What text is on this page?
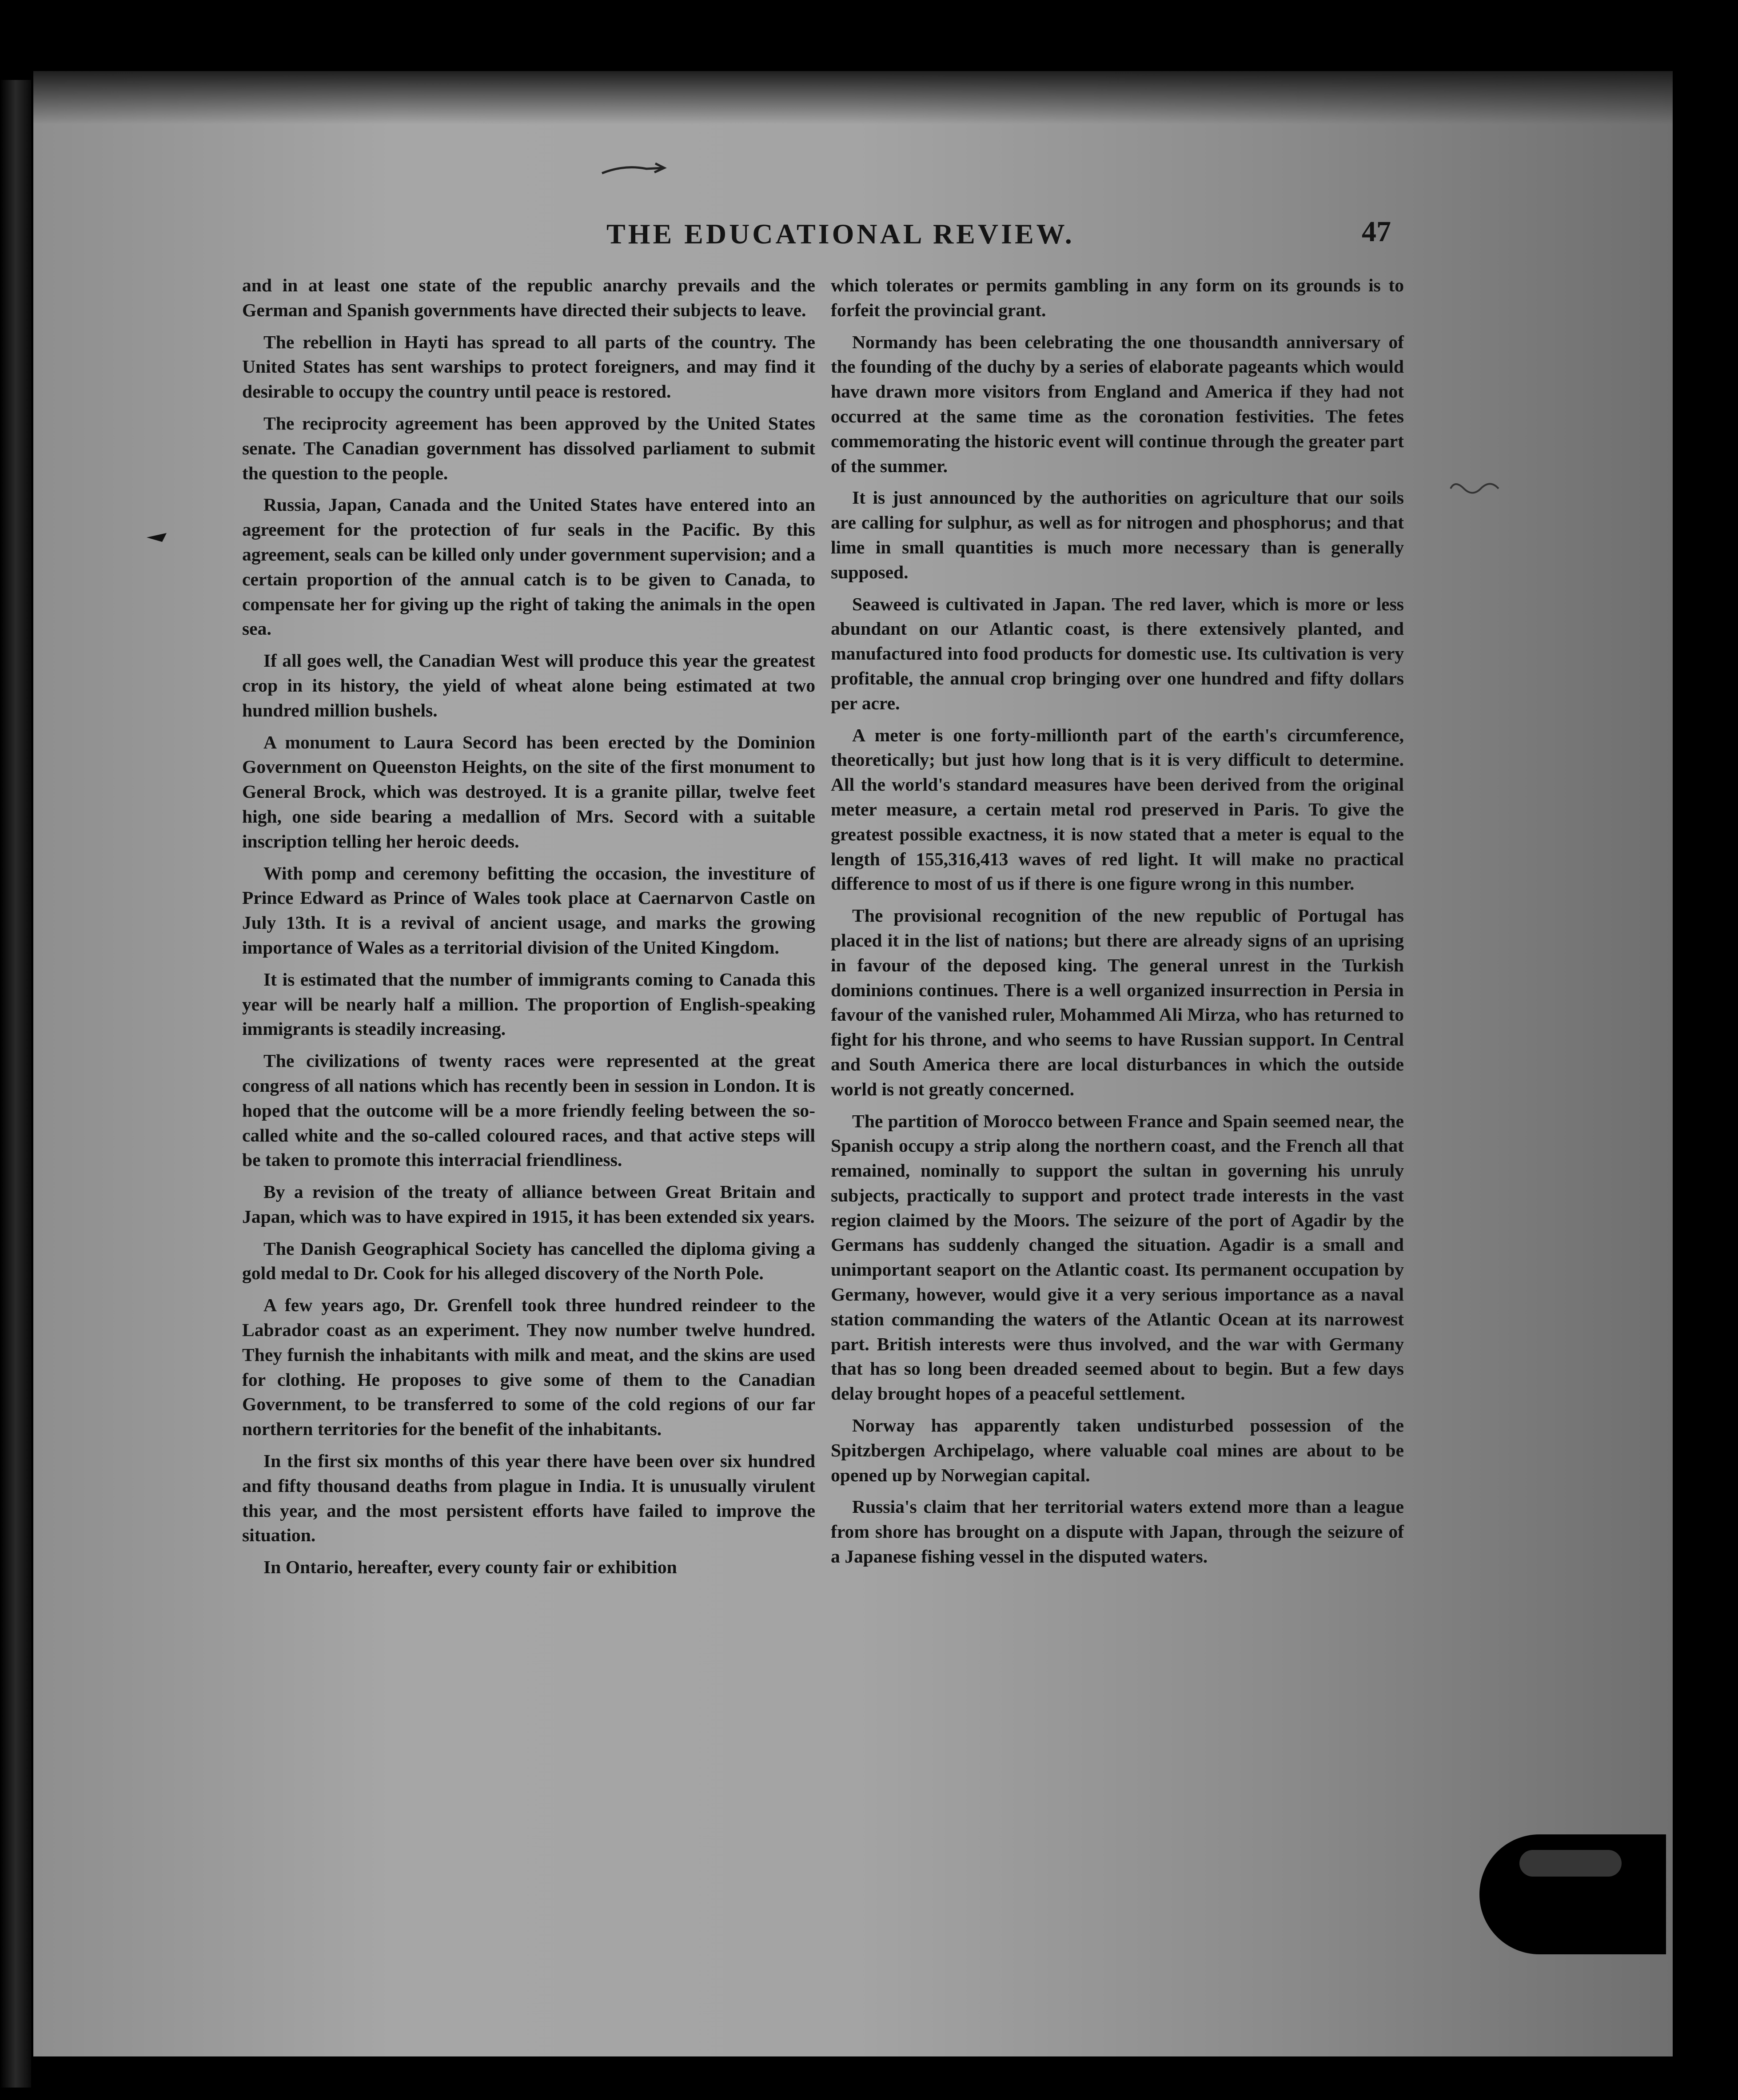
THE EDUCATIONAL REVIEW.	47

and in at least one state of the republic anarchy prevails and the German and Spanish governments have directed their subjects to leave.

The rebellion in Hayti has spread to all parts of the country. The United States has sent warships to protect foreigners, and may find it desirable to occupy the country until peace is restored.

The reciprocity agreement has been approved by the United States senate. The Canadian government has dissolved parliament to submit the question to the people.

Russia, Japan, Canada and the United States have entered into an agreement for the protection of fur seals in the Pacific. By this agreement, seals can be killed only under government supervision; and a certain proportion of the annual catch is to be given to Canada, to compensate her for giving up the right of taking the animals in the open sea.

If all goes well, the Canadian West will produce this year the greatest crop in its history, the yield of wheat alone being estimated at two hundred million bushels.

A monument to Laura Secord has been erected by the Dominion Government on Queenston Heights, on the site of the first monument to General Brock, which was destroyed. It is a granite pillar, twelve feet high, one side bearing a medallion of Mrs. Secord with a suitable inscription telling her heroic deeds.

With pomp and ceremony befitting the occasion, the investiture of Prince Edward as Prince of Wales took place at Caernarvon Castle on July 13th. It is a revival of ancient usage, and marks the growing importance of Wales as a territorial division of the United Kingdom.

It is estimated that the number of immigrants coming to Canada this year will be nearly half a million. The proportion of English-speaking immigrants is steadily increasing.

The civilizations of twenty races were represented at the great congress of all nations which has recently been in session in London. It is hoped that the outcome will be a more friendly feeling between the so-called white and the so-called coloured races, and that active steps will be taken to promote this interracial friendliness.

By a revision of the treaty of alliance between Great Britain and Japan, which was to have expired in 1915, it has been extended six years.

The Danish Geographical Society has cancelled the diploma giving a gold medal to Dr. Cook for his alleged discovery of the North Pole.

A few years ago, Dr. Grenfell took three hundred reindeer to the Labrador coast as an experiment. They now number twelve hundred. They furnish the inhabitants with milk and meat, and the skins are used for clothing. He proposes to give some of them to the Canadian Government, to be transferred to some of the cold regions of our far northern territories for the benefit of the inhabitants.

In the first six months of this year there have been over six hundred and fifty thousand deaths from plague in India. It is unusually virulent this year, and the most persistent efforts have failed to improve the situation.

In Ontario, hereafter, every county fair or exhibition

which tolerates or permits gambling in any form on its grounds is to forfeit the provincial grant.

Normandy has been celebrating the one thousandth anniversary of the founding of the duchy by a series of elaborate pageants which would have drawn more visitors from England and America if they had not occurred at the same time as the coronation festivities. The fetes commemorating the historic event will continue through the greater part of the summer.

It is just announced by the authorities on agriculture that our soils are calling for sulphur, as well as for nitrogen and phosphorus; and that lime in small quantities is much more necessary than is generally supposed.

Seaweed is cultivated in Japan. The red laver, which is more or less abundant on our Atlantic coast, is there extensively planted, and manufactured into food products for domestic use. Its cultivation is very profitable, the annual crop bringing over one hundred and fifty dollars per acre.

A meter is one forty-millionth part of the earth's circumference, theoretically; but just how long that is it is very difficult to determine. All the world's standard measures have been derived from the original meter measure, a certain metal rod preserved in Paris. To give the greatest possible exactness, it is now stated that a meter is equal to the length of 155,316,413 waves of red light. It will make no practical difference to most of us if there is one figure wrong in this number.

The provisional recognition of the new republic of Portugal has placed it in the list of nations; but there are already signs of an uprising in favour of the deposed king. The general unrest in the Turkish dominions continues. There is a well organized insurrection in Persia in favour of the vanished ruler, Mohammed Ali Mirza, who has returned to fight for his throne, and who seems to have Russian support. In Central and South America there are local disturbances in which the outside world is not greatly concerned.

The partition of Morocco between France and Spain seemed near, the Spanish occupy a strip along the northern coast, and the French all that remained, nominally to support the sultan in governing his unruly subjects, practically to support and protect trade interests in the vast region claimed by the Moors. The seizure of the port of Agadir by the Germans has suddenly changed the situation. Agadir is a small and unimportant seaport on the Atlantic coast. Its permanent occupation by Germany, however, would give it a very serious importance as a naval station commanding the waters of the Atlantic Ocean at its narrowest part. British interests were thus involved, and the war with Germany that has so long been dreaded seemed about to begin. But a few days delay brought hopes of a peaceful settlement.

Norway has apparently taken undisturbed possession of the Spitzbergen Archipelago, where valuable coal mines are about to be opened up by Norwegian capital.

Russia's claim that her territorial waters extend more than a league from shore has brought on a dispute with Japan, through the seizure of a Japanese fishing vessel in the disputed waters.
